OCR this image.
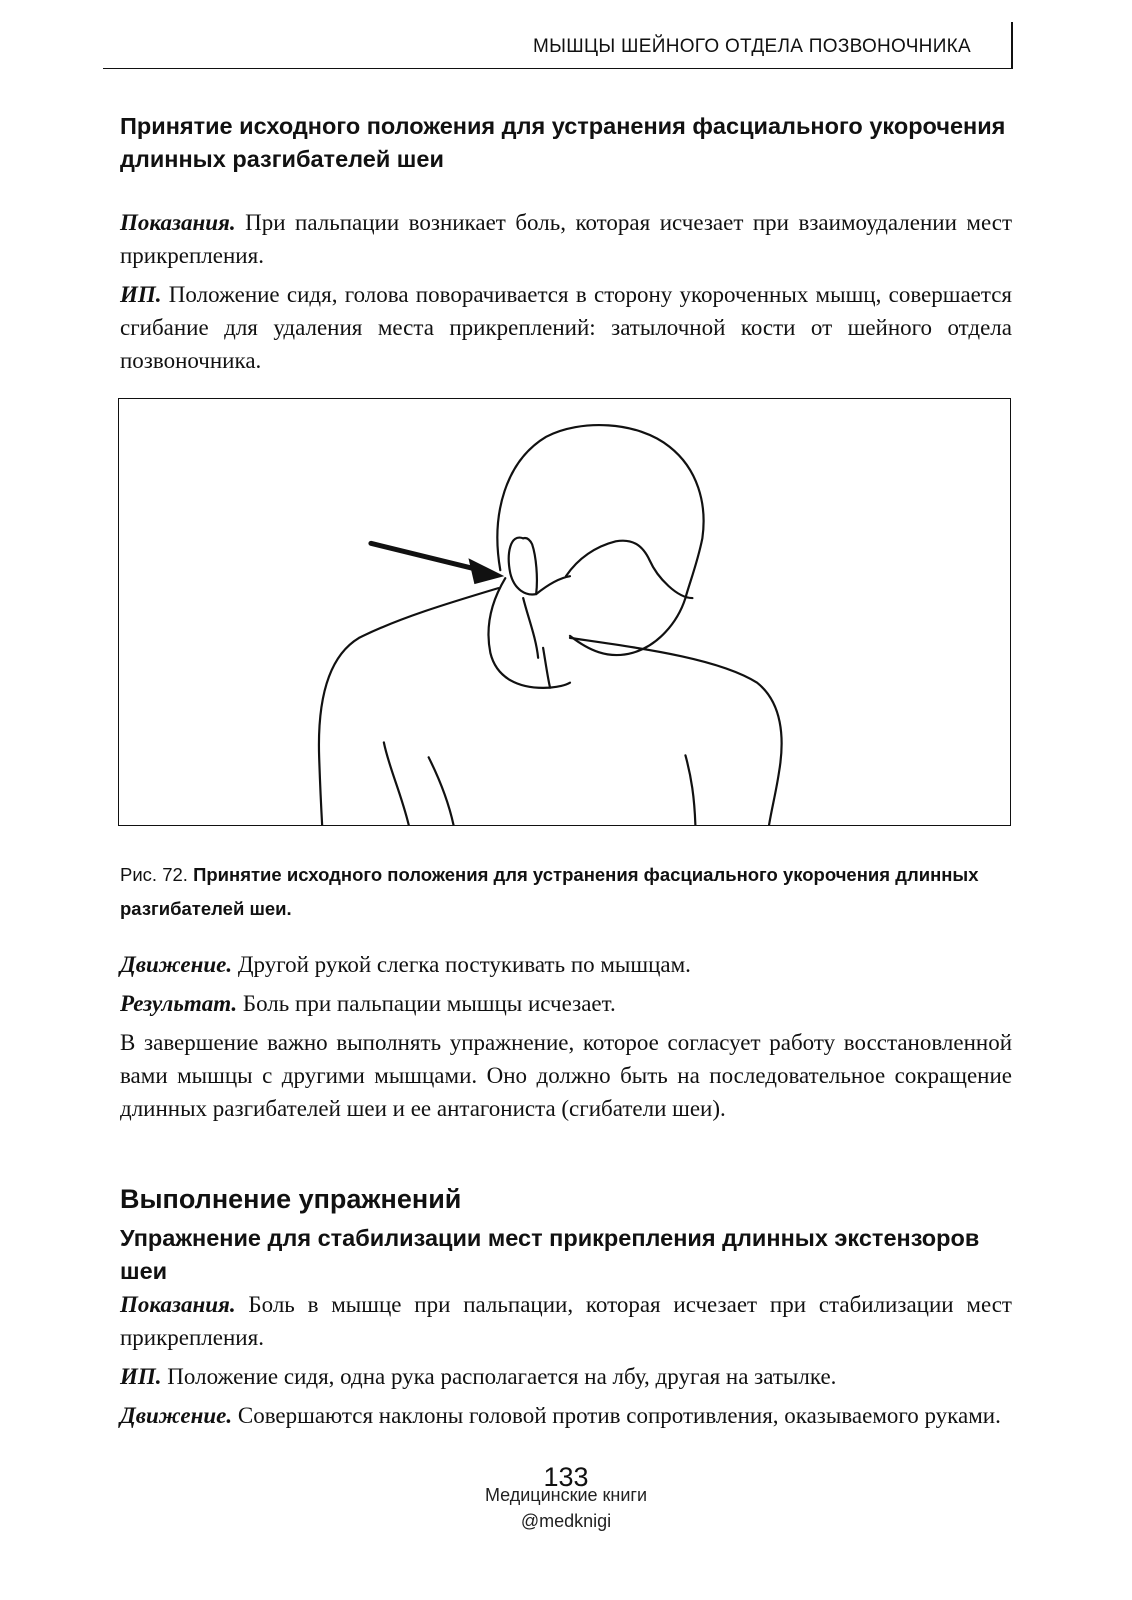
МЫШЦЫ ШЕЙНОГО ОТДЕЛА ПОЗВОНОЧНИКА
Принятие исходного положения для устранения фасциального укорочения длинных разгибателей шеи

Показания. При пальпации возникает боль, которая исчезает при взаимоудалении мест прикрепления.

ИП. Положение сидя, голова поворачивается в сторону укороченных мышц, совершается сгибание для удаления места прикреплений: затылочной кости от шейного отдела позвоночника.

Рис. 72. Принятие исходного положения для устранения фасциального укорочения длинных разгибателей шеи.

Движение. Другой рукой слегка постукивать по мышцам.

Результат. Боль при пальпации мышцы исчезает.

В завершение важно выполнять упражнение, которое согласует работу восстановленной вами мышцы с другими мышцами. Оно должно быть на последовательное сокращение длинных разгибателей шеи и ее антагониста (сгибатели шеи).

Выполнение упражнений
Упражнение для стабилизации мест прикрепления длинных экстензоров шеи

Показания. Боль в мышце при пальпации, которая исчезает при стабилизации мест прикрепления.

ИП. Положение сидя, одна рука располагается на лбу, другая на затылке.

Движение. Совершаются наклоны головой против сопротивления, оказываемого руками.

133
Медицинские книги
@medknigi
